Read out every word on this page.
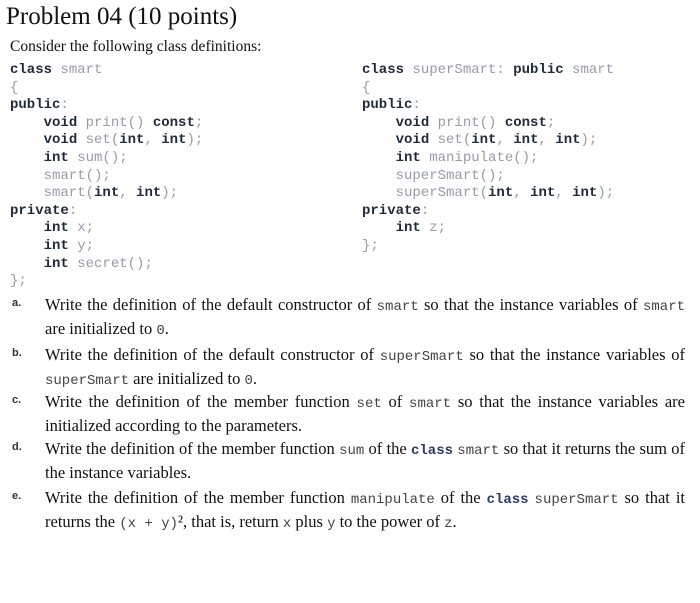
Problem 04 (10 points)
Consider the following class definitions:
class smart
{
public:
void print() const;
void set(int, int);
int sum();
smart();
smart(int, int);
private:
int x;
int y;
int secret();
};
class superSmart: public smart
{
public:
void print() const;
void set(int, int, int);
int manipulate();
superSmart();
superSmart(int, int, int);
private:
int z;
};
a. Write the definition of the default constructor of smart so that the instance variables of smart are initialized to 0.
b. Write the definition of the default constructor of superSmart so that the instance variables of superSmart are initialized to 0.
c. Write the definition of the member function set of smart so that the instance variables are initialized according to the parameters.
d. Write the definition of the member function sum of the class smart so that it returns the sum of the instance variables.
e. Write the definition of the member function manipulate of the class superSmart so that it returns the (x + y)², that is, return x plus y to the power of z.
